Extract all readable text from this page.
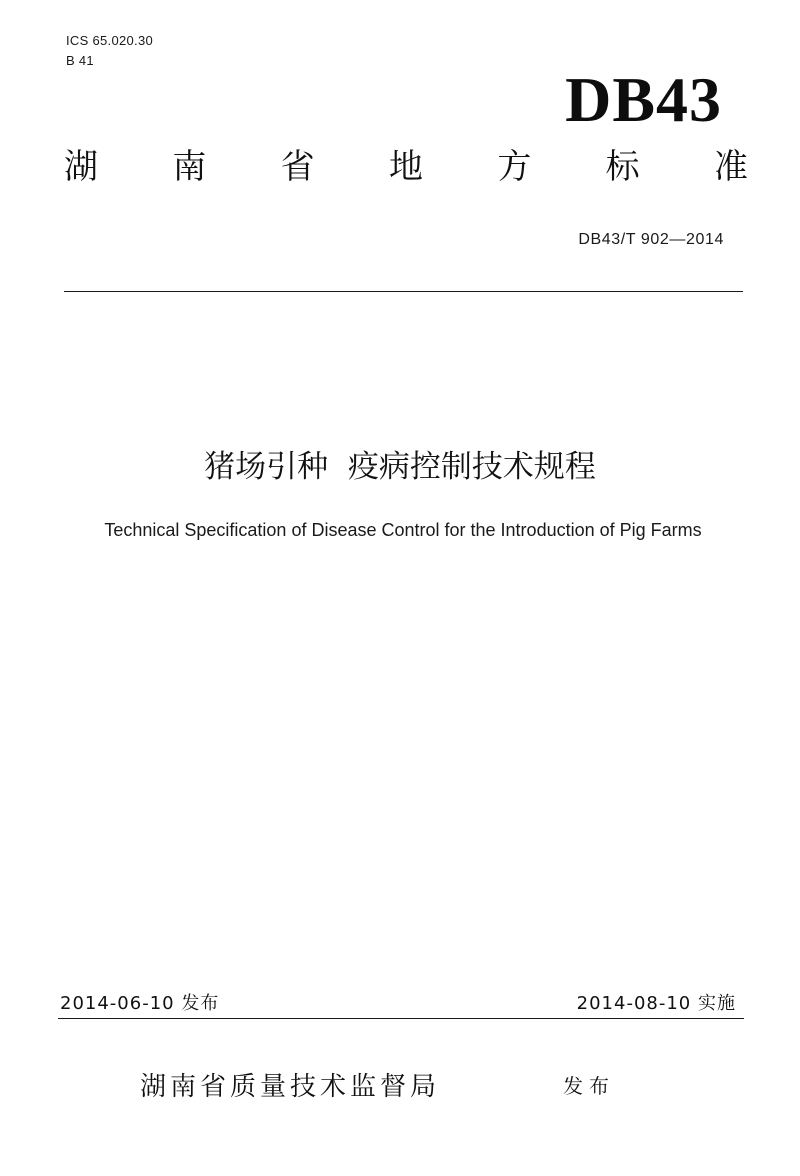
ICS 65.020.30
B 41
DB43
湖 南 省 地 方 标 准
DB43/T 902—2014
猪场引种  疫病控制技术规程
Technical Specification of Disease Control for the Introduction of Pig Farms
2014-06-10 发布	2014-08-10 实施
湖南省质量技术监督局	发布
